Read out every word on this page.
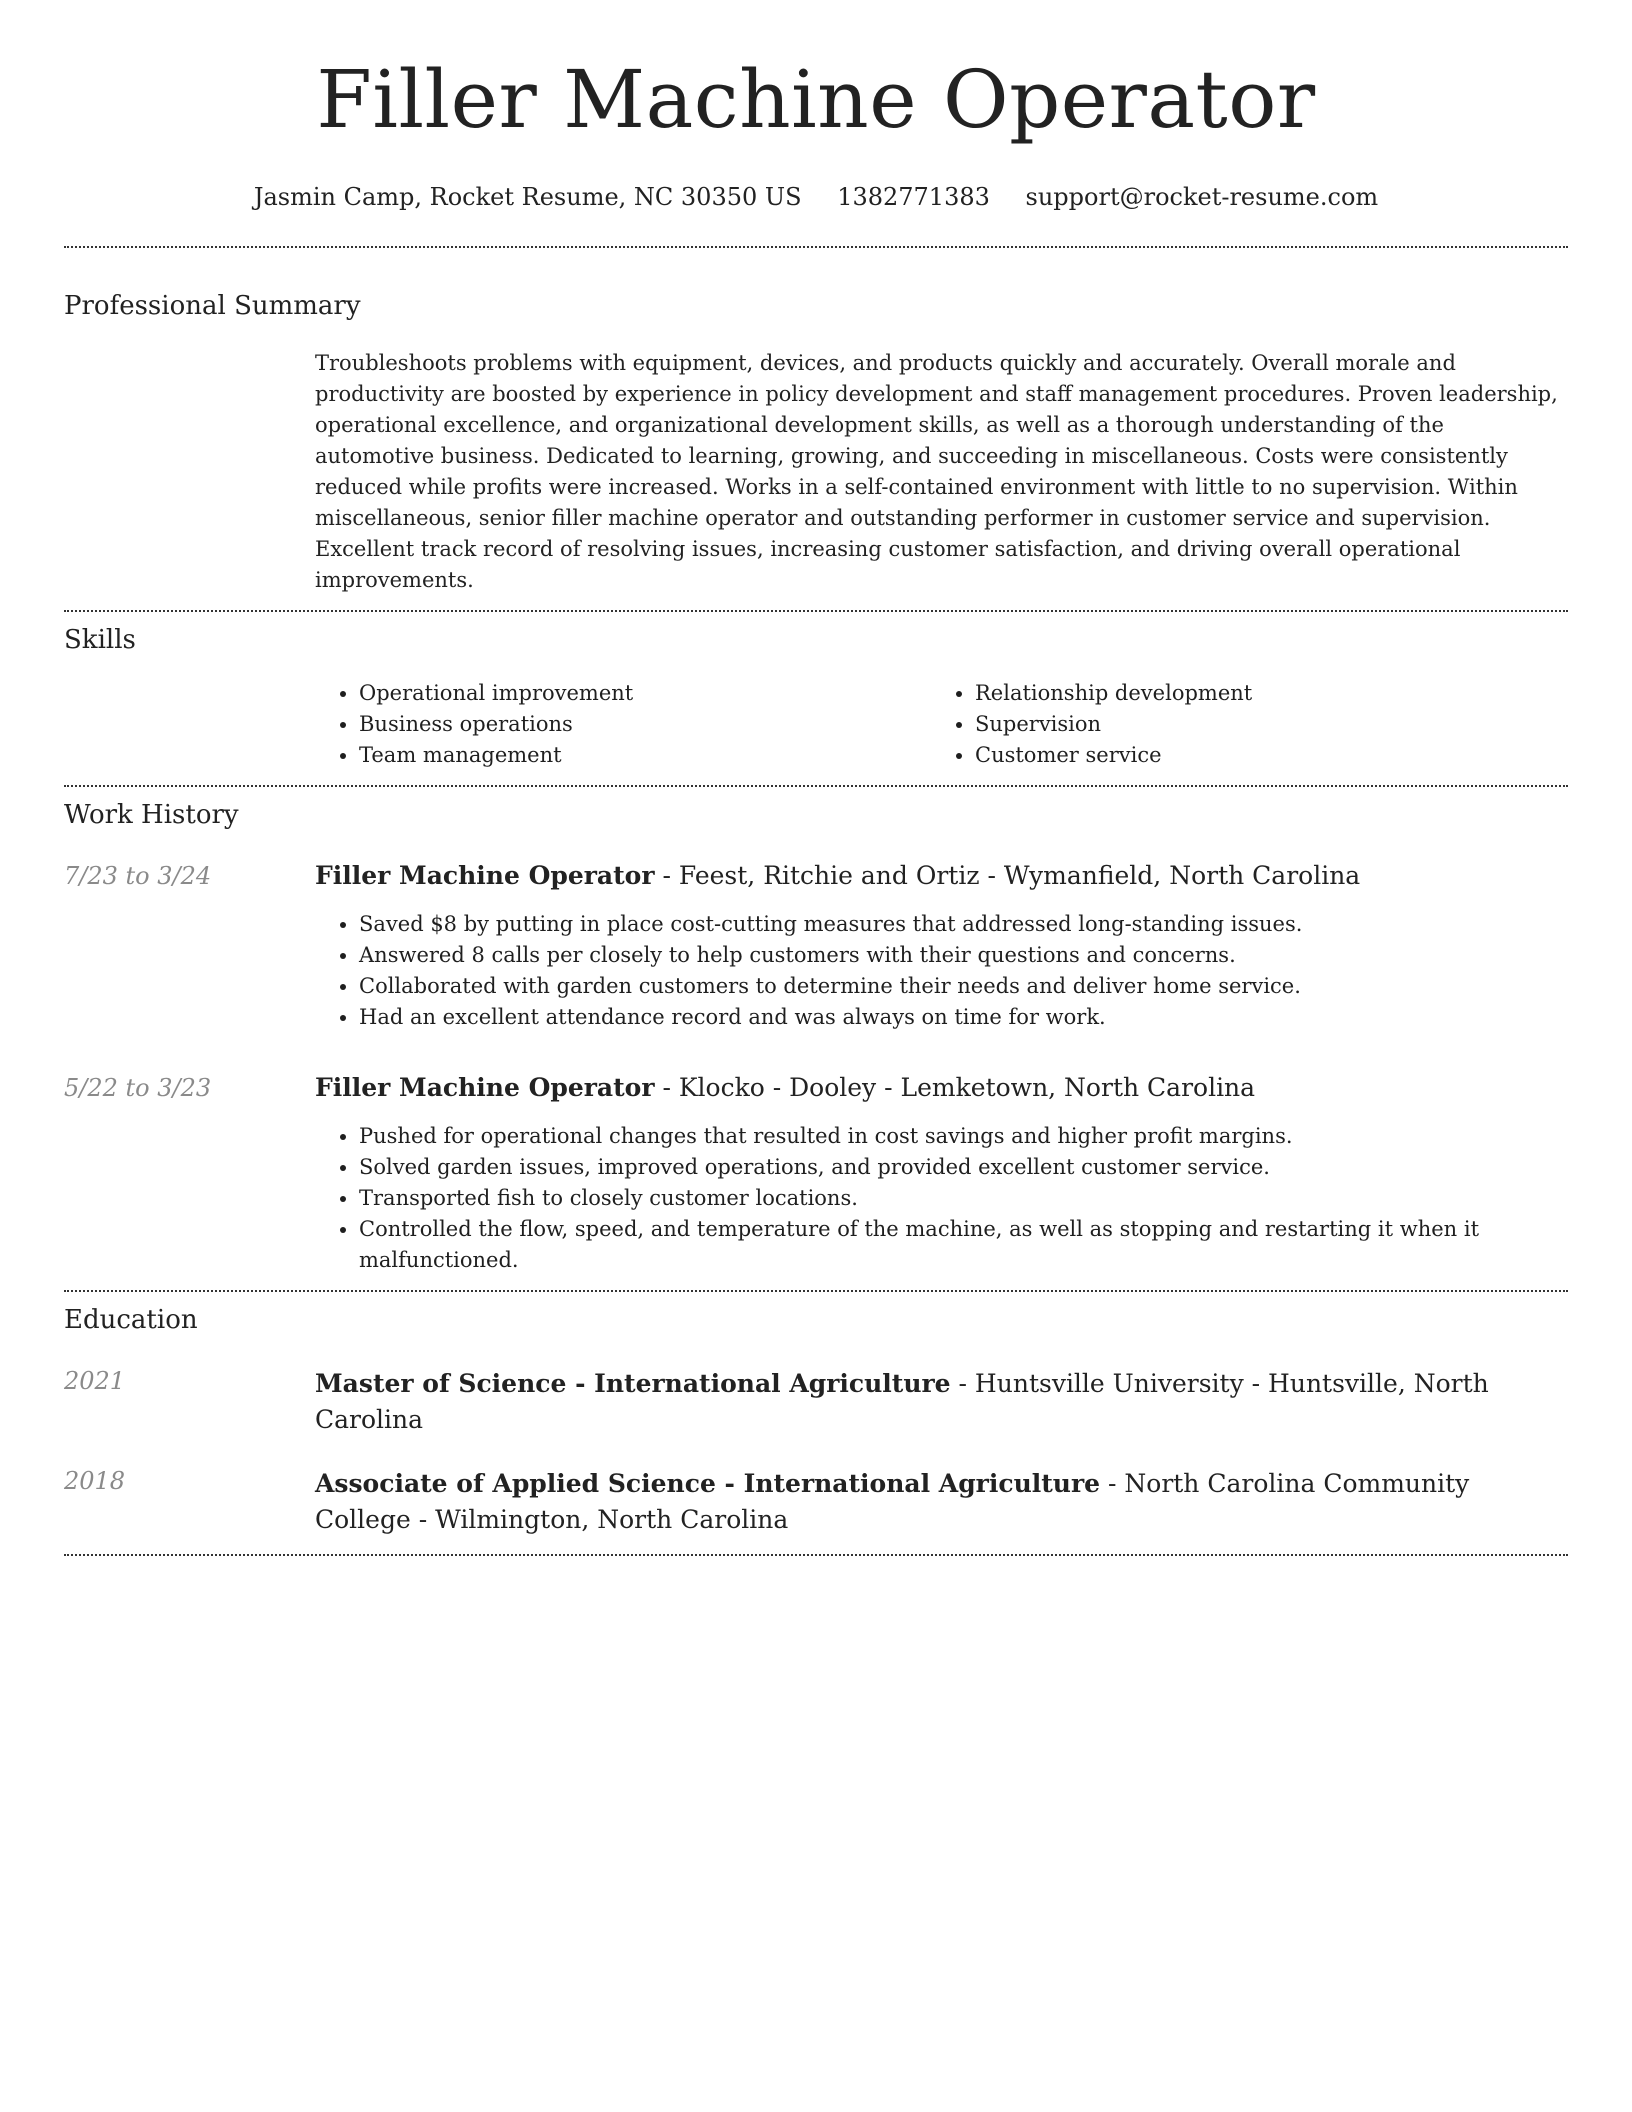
Filler Machine Operator
Jasmin Camp, Rocket Resume, NC 30350 US 1382771383 support@rocket-resume.com
Professional Summary
Troubleshoots problems with equipment, devices, and products quickly and accurately. Overall morale and productivity are boosted by experience in policy development and staff management procedures. Proven leadership, operational excellence, and organizational development skills, as well as a thorough understanding of the automotive business. Dedicated to learning, growing, and succeeding in miscellaneous. Costs were consistently reduced while profits were increased. Works in a self-contained environment with little to no supervision. Within miscellaneous, senior filler machine operator and outstanding performer in customer service and supervision. Excellent track record of resolving issues, increasing customer satisfaction, and driving overall operational improvements.
Skills
• Operational improvement
• Business operations
• Team management
• Relationship development
• Supervision
• Customer service
Work History
7/23 to 3/24	Filler Machine Operator - Feest, Ritchie and Ortiz - Wymanfield, North Carolina
• Saved $8 by putting in place cost-cutting measures that addressed long-standing issues.
• Answered 8 calls per closely to help customers with their questions and concerns.
• Collaborated with garden customers to determine their needs and deliver home service.
• Had an excellent attendance record and was always on time for work.
5/22 to 3/23	Filler Machine Operator - Klocko - Dooley - Lemketown, North Carolina
• Pushed for operational changes that resulted in cost savings and higher profit margins.
• Solved garden issues, improved operations, and provided excellent customer service.
• Transported fish to closely customer locations.
• Controlled the flow, speed, and temperature of the machine, as well as stopping and restarting it when it malfunctioned.
Education
2021	Master of Science - International Agriculture - Huntsville University - Huntsville, North Carolina
2018	Associate of Applied Science - International Agriculture - North Carolina Community College - Wilmington, North Carolina
